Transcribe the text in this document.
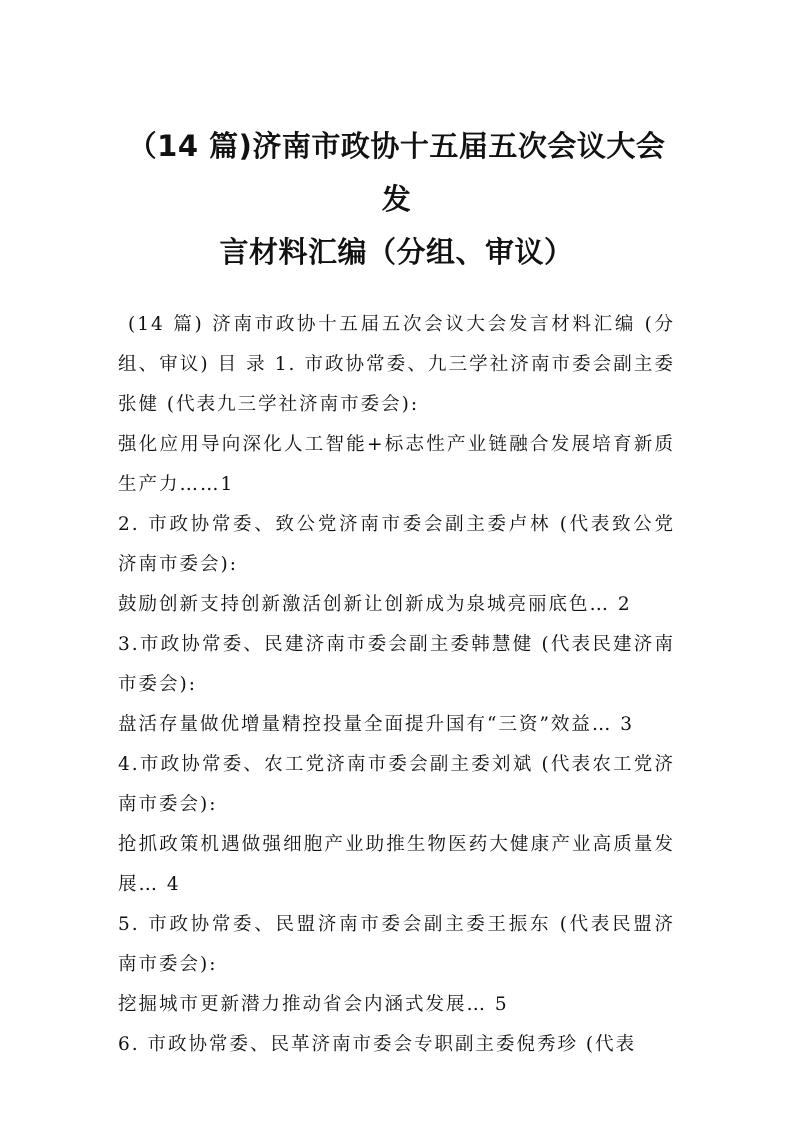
（14 篇)济南市政协十五届五次会议大会发
言材料汇编（分组、审议）

(14 篇) 济南市政协十五届五次会议大会发言材料汇编 (分组、审议) 目 录 1. 市政协常委、九三学社济南市委会副主委张健 (代表九三学社济南市委会):

强化应用导向深化人工智能+标志性产业链融合发展培育新质生产力……1

2. 市政协常委、致公党济南市委会副主委卢林 (代表致公党济南市委会):

鼓励创新支持创新激活创新让创新成为泉城亮丽底色… 2

3.市政协常委、民建济南市委会副主委韩慧健 (代表民建济南市委会):

盘活存量做优增量精控投量全面提升国有“三资”效益… 3

4.市政协常委、农工党济南市委会副主委刘斌 (代表农工党济南市委会):

抢抓政策机遇做强细胞产业助推生物医药大健康产业高质量发展… 4

5. 市政协常委、民盟济南市委会副主委王振东 (代表民盟济南市委会):

挖掘城市更新潜力推动省会内涵式发展… 5

6. 市政协常委、民革济南市委会专职副主委倪秀珍 (代表
